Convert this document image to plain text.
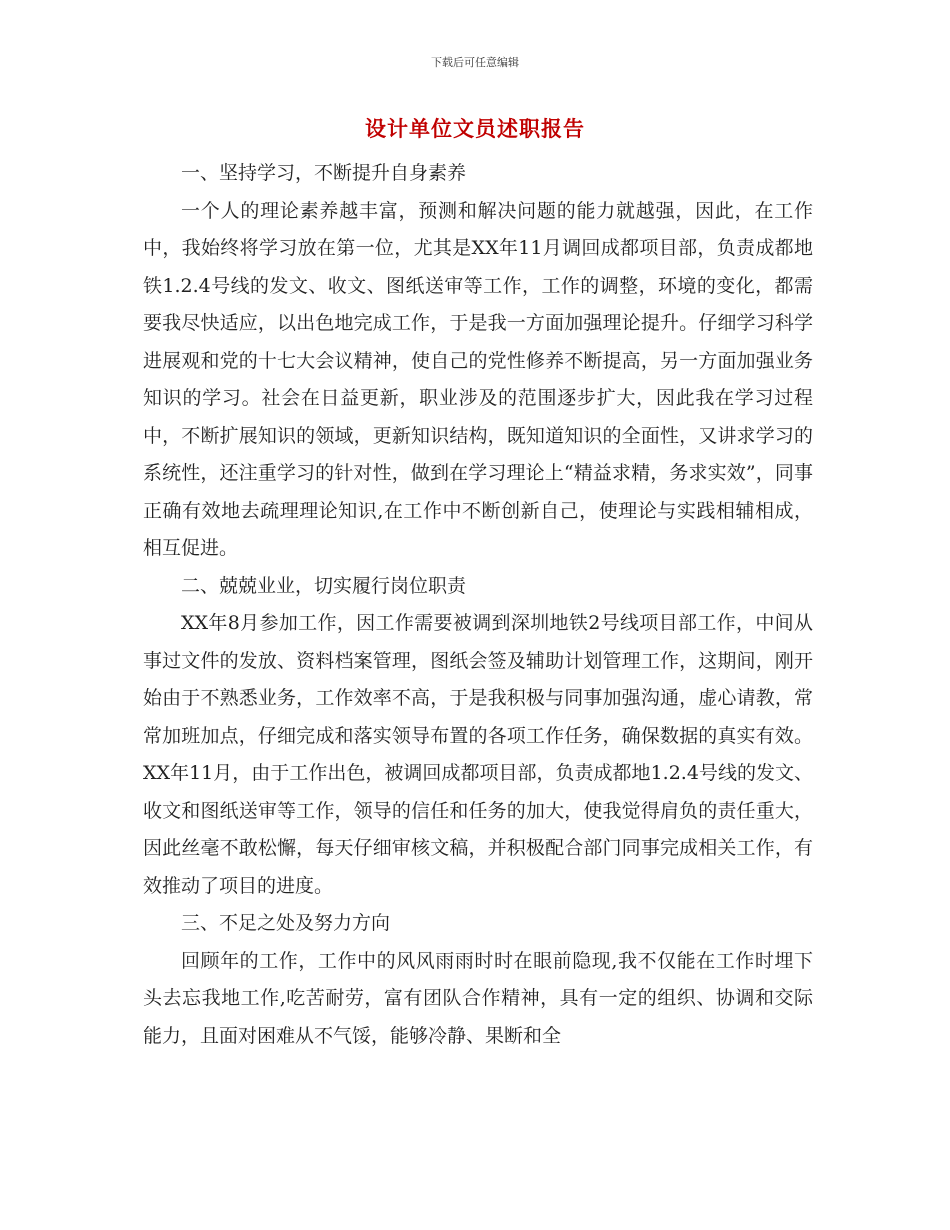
下载后可任意编辑
设计单位文员述职报告

一、坚持学习，不断提升自身素养

一个人的理论素养越丰富，预测和解决问题的能力就越强，因此，在工作中，我始终将学习放在第一位，尤其是XX年11月调回成都项目部，负责成都地铁1.2.4号线的发文、收文、图纸送审等工作，工作的调整，环境的变化，都需要我尽快适应，以出色地完成工作，于是我一方面加强理论提升。仔细学习科学进展观和党的十七大会议精神，使自己的党性修养不断提高，另一方面加强业务知识的学习。社会在日益更新，职业涉及的范围逐步扩大，因此我在学习过程中，不断扩展知识的领域，更新知识结构，既知道知识的全面性，又讲求学习的系统性，还注重学习的针对性，做到在学习理论上“精益求精，务求实效”，同事正确有效地去疏理理论知识,在工作中不断创新自己，使理论与实践相辅相成，相互促进。

二、兢兢业业，切实履行岗位职责

XX年8月参加工作，因工作需要被调到深圳地铁2号线项目部工作，中间从事过文件的发放、资料档案管理，图纸会签及辅助计划管理工作，这期间，刚开始由于不熟悉业务，工作效率不高，于是我积极与同事加强沟通，虚心请教，常常加班加点，仔细完成和落实领导布置的各项工作任务，确保数据的真实有效。XX年11月，由于工作出色，被调回成都项目部，负责成都地1.2.4号线的发文、收文和图纸送审等工作，领导的信任和任务的加大，使我觉得肩负的责任重大，因此丝毫不敢松懈，每天仔细审核文稿，并积极配合部门同事完成相关工作，有效推动了项目的进度。

三、不足之处及努力方向

回顾年的工作，工作中的风风雨雨时时在眼前隐现,我不仅能在工作时埋下头去忘我地工作,吃苦耐劳，富有团队合作精神，具有一定的组织、协调和交际能力，且面对困难从不气馁，能够冷静、果断和全
